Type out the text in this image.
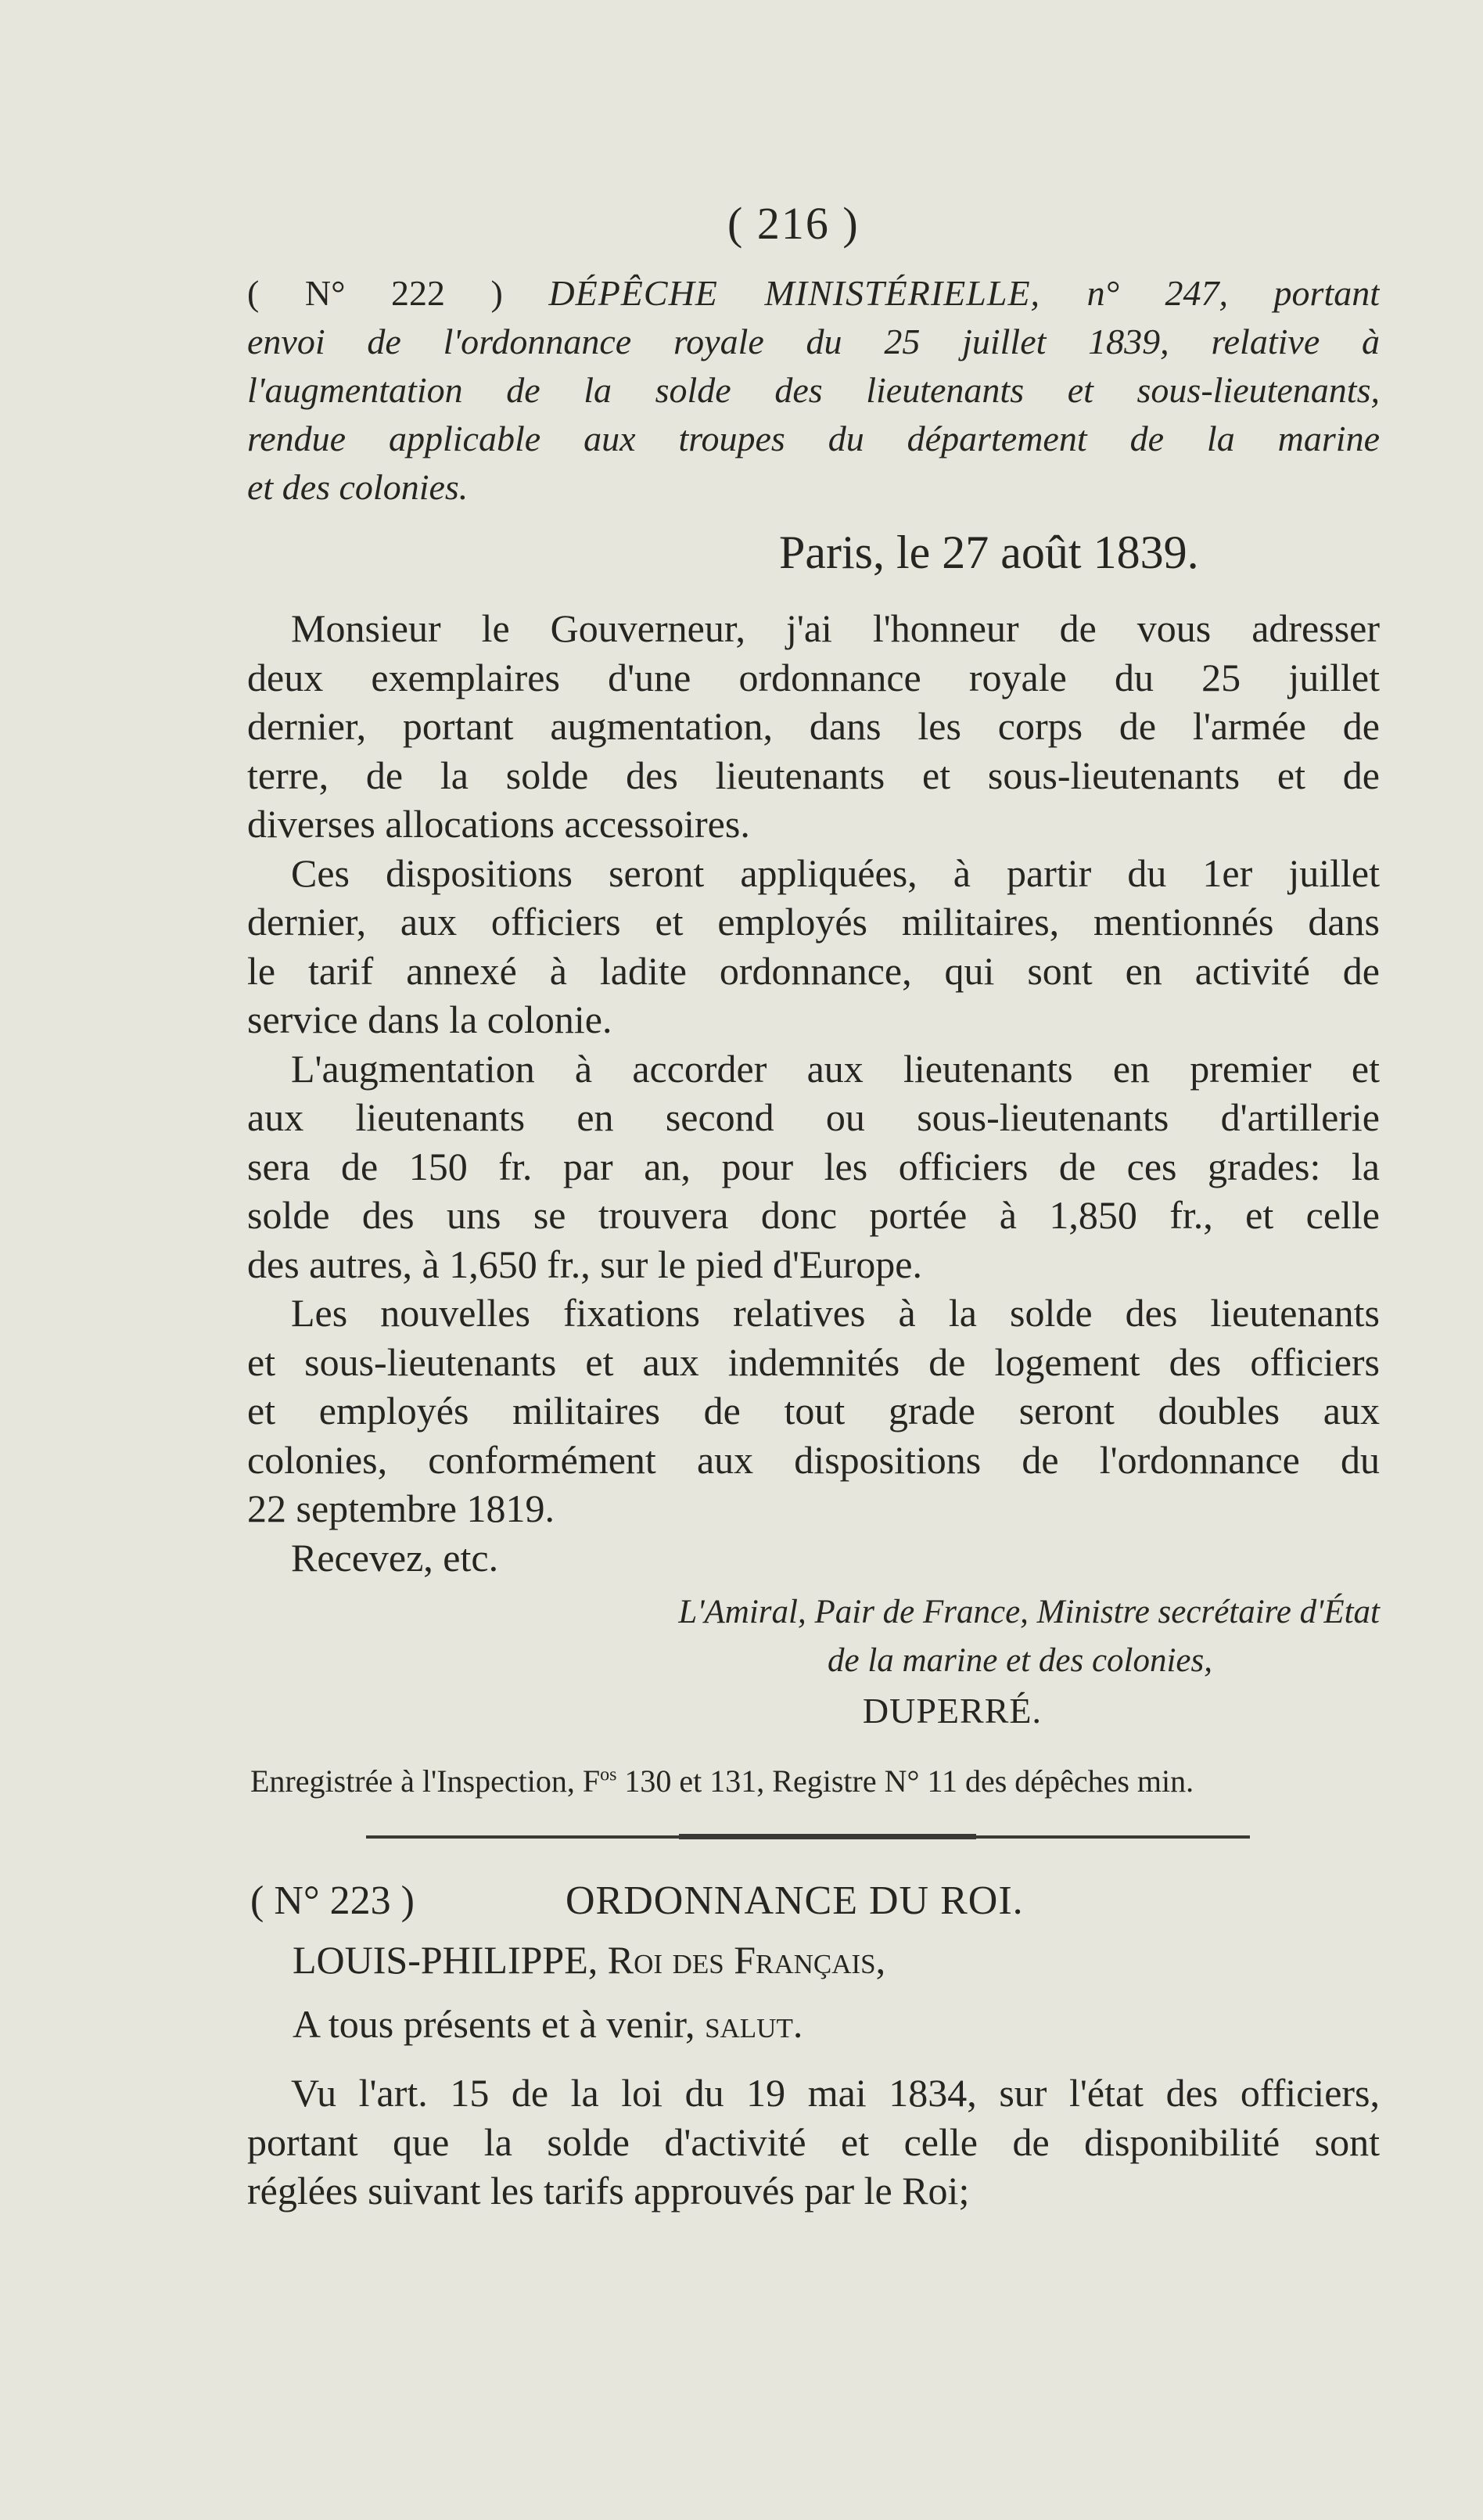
( 216 )
( N° 222 ) DÉPÊCHE MINISTÉRIELLE, n° 247, portant
envoi de l'ordonnance royale du 25 juillet 1839, relative à
l'augmentation de la solde des lieutenants et sous-lieutenants,
rendue applicable aux troupes du département de la marine
et des colonies.
Paris, le 27 août 1839.
Monsieur le Gouverneur, j'ai l'honneur de vous adresser
deux exemplaires d'une ordonnance royale du 25 juillet
dernier, portant augmentation, dans les corps de l'armée de
terre, de la solde des lieutenants et sous-lieutenants et de
diverses allocations accessoires.
Ces dispositions seront appliquées, à partir du 1er juillet
dernier, aux officiers et employés militaires, mentionnés dans
le tarif annexé à ladite ordonnance, qui sont en activité de
service dans la colonie.
L'augmentation à accorder aux lieutenants en premier et
aux lieutenants en second ou sous-lieutenants d'artillerie
sera de 150 fr. par an, pour les officiers de ces grades: la
solde des uns se trouvera donc portée à 1,850 fr., et celle
des autres, à 1,650 fr., sur le pied d'Europe.
Les nouvelles fixations relatives à la solde des lieutenants
et sous-lieutenants et aux indemnités de logement des officiers
et employés militaires de tout grade seront doubles aux
colonies, conformément aux dispositions de l'ordonnance du
22 septembre 1819.
Recevez, etc.
L'Amiral, Pair de France, Ministre secrétaire d'État
de la marine et des colonies,
DUPERRÉ.
Enregistrée à l'Inspection, $F^{os}$ 130 et 131, Registre N° 11 des dépêches min.
( N° 223 )	ORDONNANCE DU ROI.
LOUIS-PHILIPPE, Roi des Français,
A tous présents et à venir, salut.
Vu l'art. 15 de la loi du 19 mai 1834, sur l'état des officiers,
portant que la solde d'activité et celle de disponibilité sont
réglées suivant les tarifs approuvés par le Roi;
